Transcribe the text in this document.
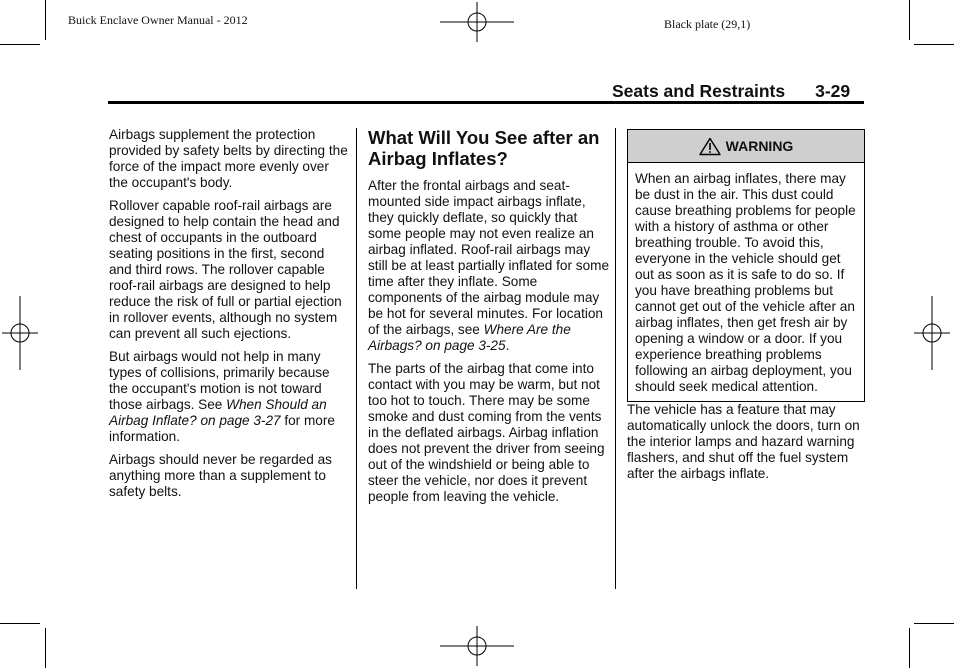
Buick Enclave Owner Manual - 2012	Black plate (29,1)
Seats and Restraints 3-29

Airbags supplement the protection provided by safety belts by directing the force of the impact more evenly over the occupant's body.

Rollover capable roof-rail airbags are designed to help contain the head and chest of occupants in the outboard seating positions in the first, second and third rows. The rollover capable roof-rail airbags are designed to help reduce the risk of full or partial ejection in rollover events, although no system can prevent all such ejections.

But airbags would not help in many types of collisions, primarily because the occupant's motion is not toward those airbags. See When Should an Airbag Inflate? on page 3-27 for more information.

Airbags should never be regarded as anything more than a supplement to safety belts.

What Will You See after an Airbag Inflates?

After the frontal airbags and seat-mounted side impact airbags inflate, they quickly deflate, so quickly that some people may not even realize an airbag inflated. Roof-rail airbags may still be at least partially inflated for some time after they inflate. Some components of the airbag module may be hot for several minutes. For location of the airbags, see Where Are the Airbags? on page 3-25.

The parts of the airbag that come into contact with you may be warm, but not too hot to touch. There may be some smoke and dust coming from the vents in the deflated airbags. Airbag inflation does not prevent the driver from seeing out of the windshield or being able to steer the vehicle, nor does it prevent people from leaving the vehicle.

WARNING
When an airbag inflates, there may be dust in the air. This dust could cause breathing problems for people with a history of asthma or other breathing trouble. To avoid this, everyone in the vehicle should get out as soon as it is safe to do so. If you have breathing problems but cannot get out of the vehicle after an airbag inflates, then get fresh air by opening a window or a door. If you experience breathing problems following an airbag deployment, you should seek medical attention.

The vehicle has a feature that may automatically unlock the doors, turn on the interior lamps and hazard warning flashers, and shut off the fuel system after the airbags inflate.
